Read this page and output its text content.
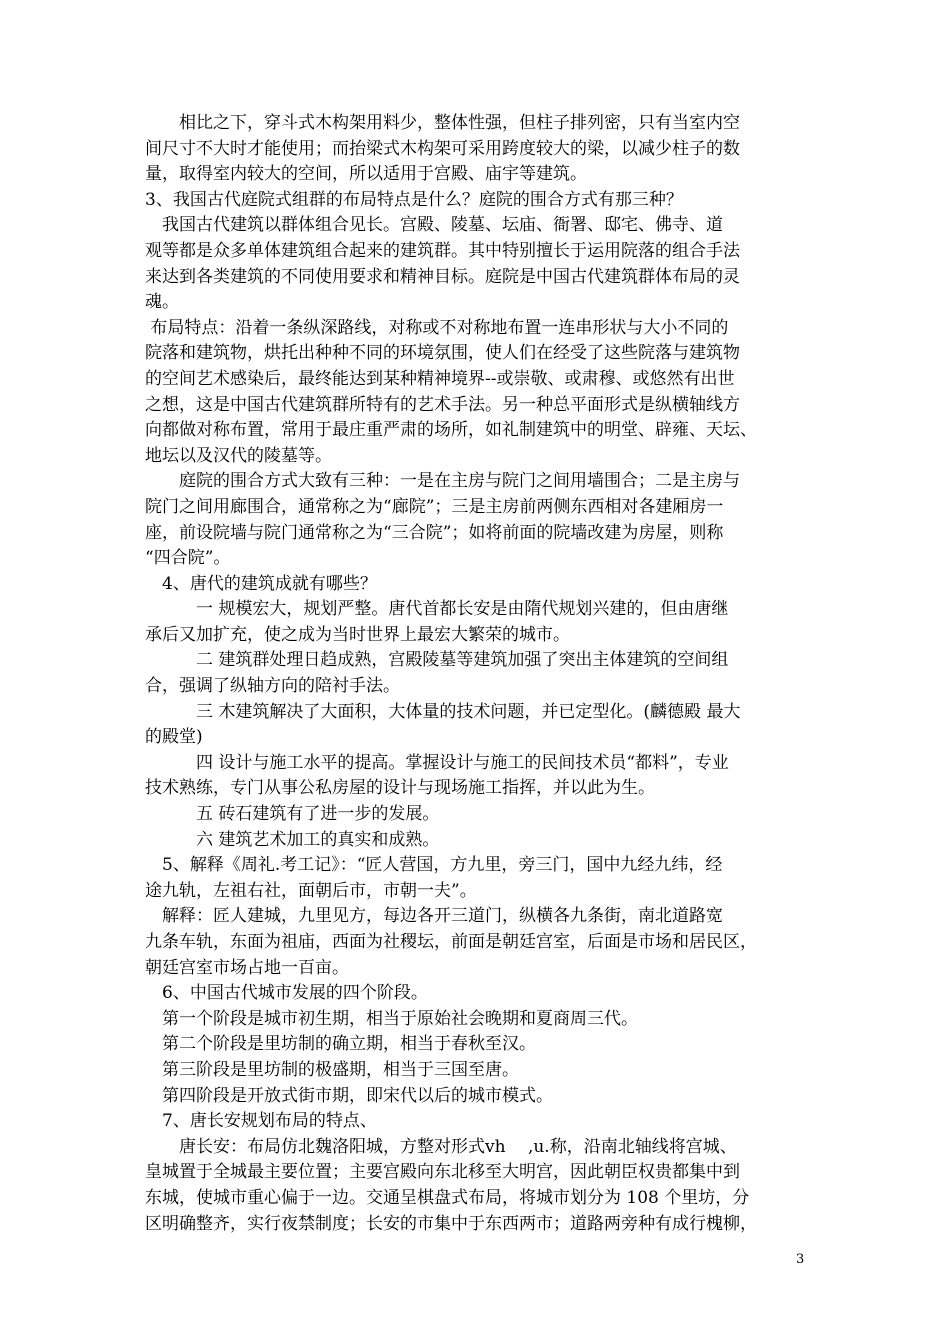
　　相比之下，穿斗式木构架用料少，整体性强，但柱子排列密，只有当室内空
间尺寸不大时才能使用；而抬梁式木构架可采用跨度较大的梁，以减少柱子的数
量，取得室内较大的空间，所以适用于宫殿、庙宇等建筑。
3、我国古代庭院式组群的布局特点是什么？庭院的围合方式有那三种？
　我国古代建筑以群体组合见长。宫殿、陵墓、坛庙、衙署、邸宅、佛寺、道
观等都是众多单体建筑组合起来的建筑群。其中特别擅长于运用院落的组合手法
来达到各类建筑的不同使用要求和精神目标。庭院是中国古代建筑群体布局的灵
魂。
布局特点：沿着一条纵深路线，对称或不对称地布置一连串形状与大小不同的
院落和建筑物，烘托出种种不同的环境氛围，使人们在经受了这些院落与建筑物
的空间艺术感染后，最终能达到某种精神境界--或崇敬、或肃穆、或悠然有出世
之想，这是中国古代建筑群所特有的艺术手法。另一种总平面形式是纵横轴线方
向都做对称布置，常用于最庄重严肃的场所，如礼制建筑中的明堂、辟雍、天坛、
地坛以及汉代的陵墓等。
　　庭院的围合方式大致有三种：一是在主房与院门之间用墙围合；二是主房与
院门之间用廊围合，通常称之为“廊院”；三是主房前两侧东西相对各建厢房一
座，前设院墙与院门通常称之为“三合院”；如将前面的院墙改建为房屋，则称
“四合院”。
　4、唐代的建筑成就有哪些？
　　　一 规模宏大，规划严整。唐代首都长安是由隋代规划兴建的，但由唐继
承后又加扩充，使之成为当时世界上最宏大繁荣的城市。
　　　二 建筑群处理日趋成熟，宫殿陵墓等建筑加强了突出主体建筑的空间组
合，强调了纵轴方向的陪衬手法。
　　　三 木建筑解决了大面积，大体量的技术问题，并已定型化。(麟德殿 最大
的殿堂)
　　　四 设计与施工水平的提高。掌握设计与施工的民间技术员“都料”，专业
技术熟练，专门从事公私房屋的设计与现场施工指挥，并以此为生。
　　　五 砖石建筑有了进一步的发展。
　　　六 建筑艺术加工的真实和成熟。
　5、解释《周礼.考工记》：“匠人营国，方九里，旁三门，国中九经九纬，经
途九轨，左祖右社，面朝后市，市朝一夫”。
　解释：匠人建城，九里见方，每边各开三道门，纵横各九条街，南北道路宽
九条车轨，东面为祖庙，西面为社稷坛，前面是朝廷宫室，后面是市场和居民区，
朝廷宫室市场占地一百亩。
　6、中国古代城市发展的四个阶段。
　第一个阶段是城市初生期，相当于原始社会晚期和夏商周三代。
　第二个阶段是里坊制的确立期，相当于春秋至汉。
　第三阶段是里坊制的极盛期，相当于三国至唐。
　第四阶段是开放式街市期，即宋代以后的城市模式。
　7、唐长安规划布局的特点、
　　唐长安：布局仿北魏洛阳城，方整对形式vh　 ,u.称，沿南北轴线将宫城、
皇城置于全城最主要位置；主要宫殿向东北移至大明宫，因此朝臣权贵都集中到
东城，使城市重心偏于一边。交通呈棋盘式布局，将城市划分为 108 个里坊，分
区明确整齐，实行夜禁制度；长安的市集中于东西两市；道路两旁种有成行槐柳，
3
